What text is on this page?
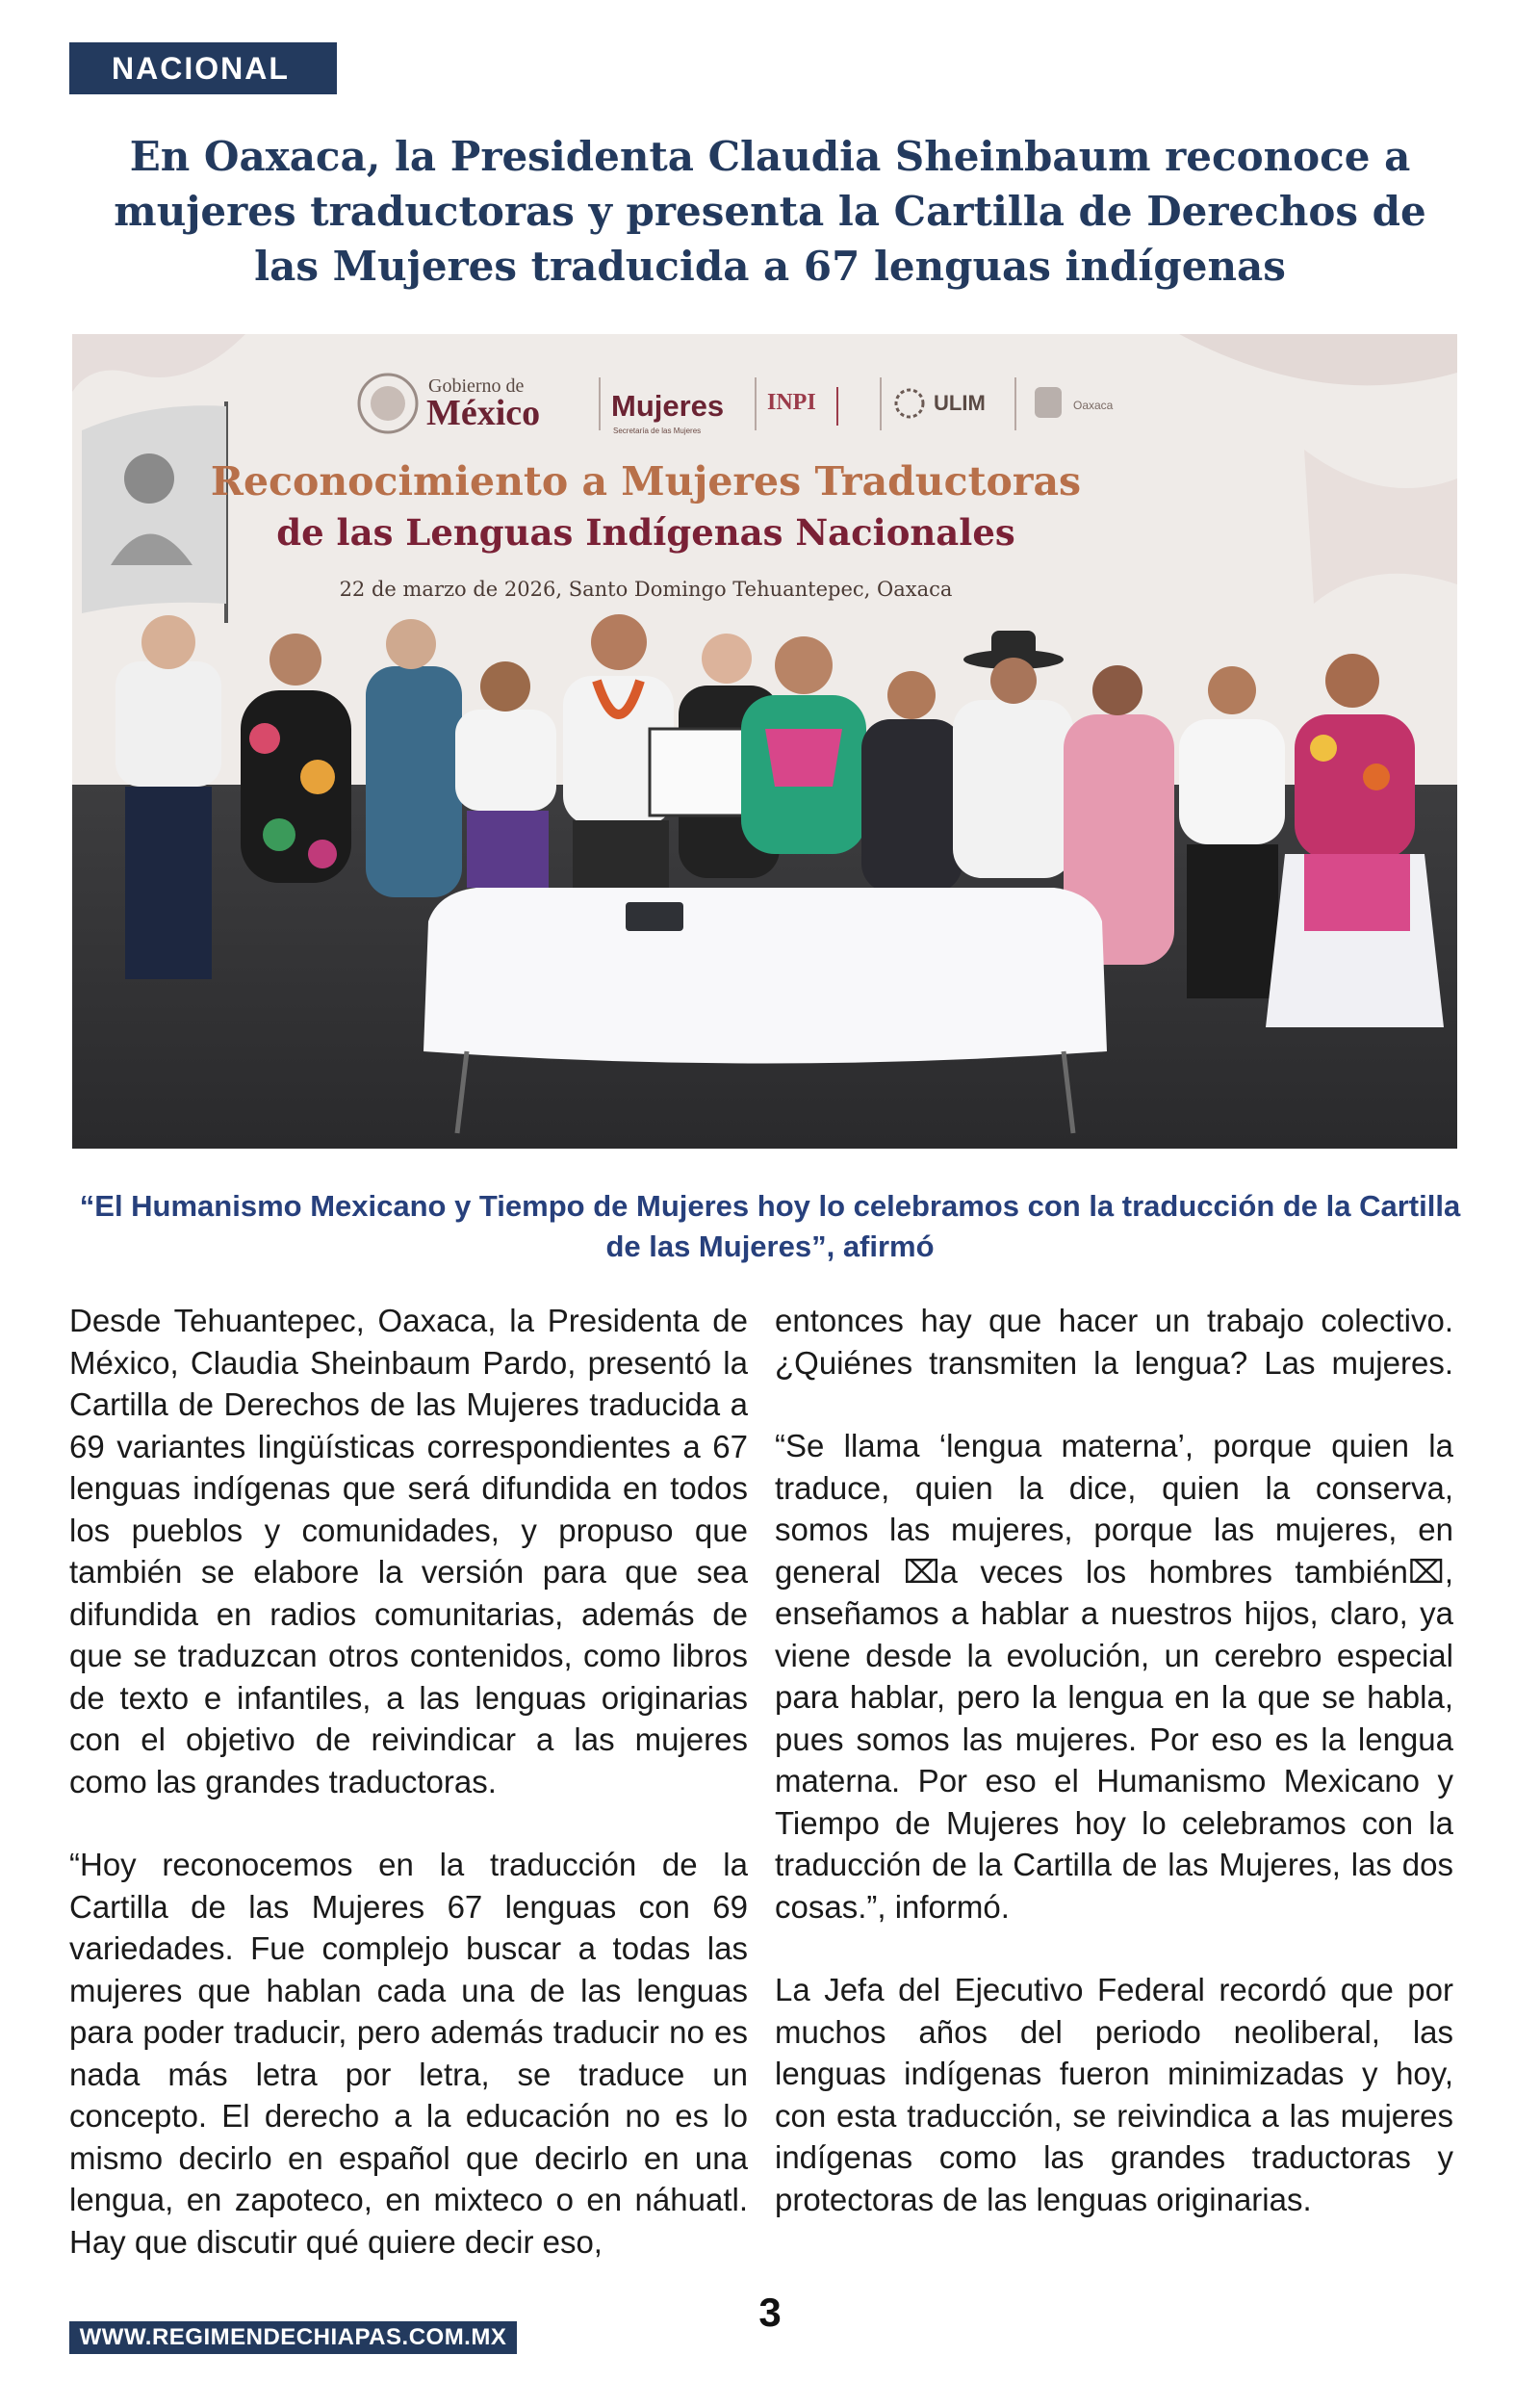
NACIONAL
En Oaxaca, la Presidenta Claudia Sheinbaum reconoce a mujeres traductoras y presenta la Cartilla de Derechos de las Mujeres traducida a 67 lenguas indígenas
Gobierno de
México Mujeres
Secretaría de las Mujeres
INPI	ULIM	Oaxaca
Reconocimiento a Mujeres Traductoras
de las Lenguas Indígenas Nacionales
22 de marzo de 2026, Santo Domingo Tehuantepec, Oaxaca

“El Humanismo Mexicano y Tiempo de Mujeres hoy lo celebramos con la traducción de la Cartilla de las Mujeres”, afirmó

Desde Tehuantepec, Oaxaca, la Presidenta de México, Claudia Sheinbaum Pardo, presentó la Cartilla de Derechos de las Mujeres traducida a 69 variantes lingüísticas correspondientes a 67 lenguas indígenas que será difundida en todos los pueblos y comunidades, y propuso que también se elabore la versión para que sea difundida en radios comunitarias, además de que se traduzcan otros contenidos, como libros de texto e infantiles, a las lenguas originarias con el objetivo de reivindicar a las mujeres como las grandes traductoras.

“Hoy reconocemos en la traducción de la Cartilla de las Mujeres 67 lenguas con 69 variedades. Fue complejo buscar a todas las mujeres que hablan cada una de las lenguas para poder traducir, pero además traducir no es nada más letra por letra, se traduce un concepto. El derecho a la educación no es lo mismo decirlo en español que decirlo en una lengua, en zapoteco, en mixteco o en náhuatl. Hay que discutir qué quiere decir eso,

entonces hay que hacer un trabajo colectivo. ¿Quiénes transmiten la lengua? Las mujeres.

“Se llama ‘lengua materna’, porque quien la traduce, quien la dice, quien la conserva, somos las mujeres, porque las mujeres, en general ⌧a veces los hombres también⌧, enseñamos a hablar a nuestros hijos, claro, ya viene desde la evolución, un cerebro especial para hablar, pero la lengua en la que se habla, pues somos las mujeres. Por eso es la lengua materna. Por eso el Humanismo Mexicano y Tiempo de Mujeres hoy lo celebramos con la traducción de la Cartilla de las Mujeres, las dos cosas.”, informó.

La Jefa del Ejecutivo Federal recordó que por muchos años del periodo neoliberal, las lenguas indígenas fueron minimizadas y hoy, con esta traducción, se reivindica a las mujeres indígenas como las grandes traductoras y protectoras de las lenguas originarias.

WWW.REGIMENDECHIAPAS.COM.MX
3
